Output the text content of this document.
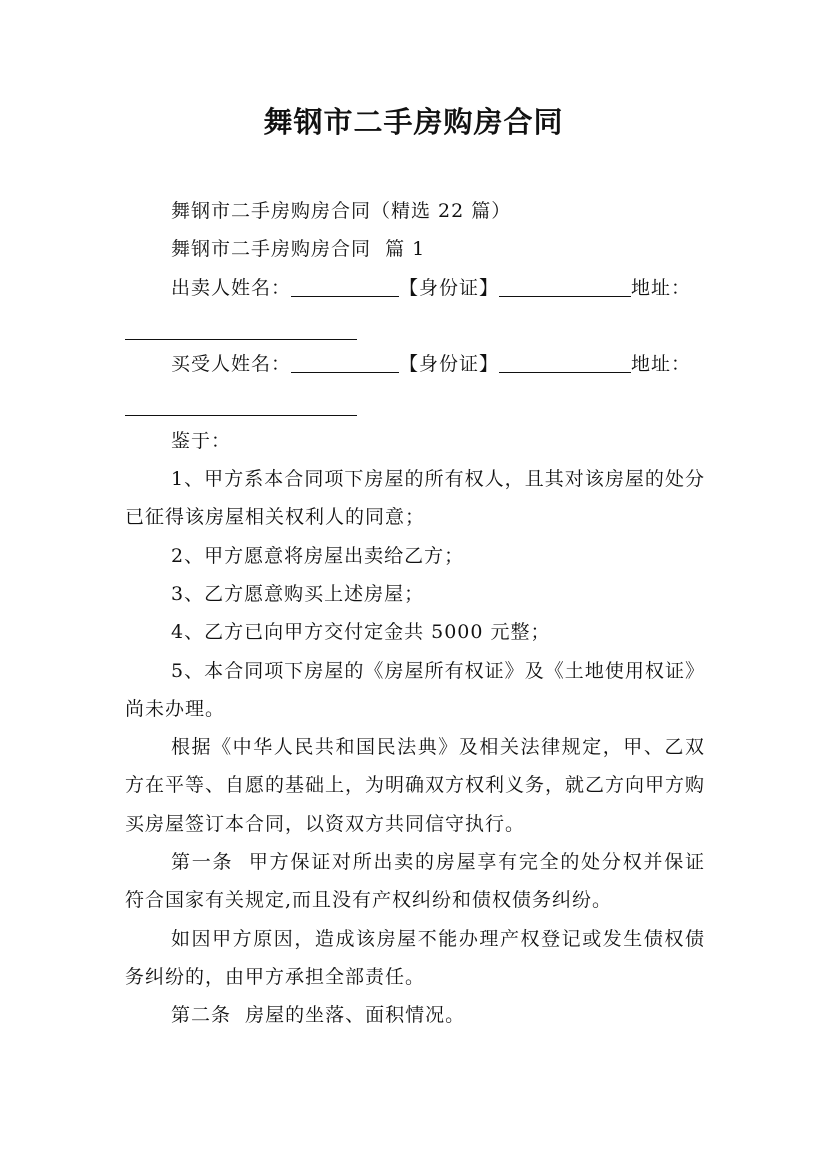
舞钢市二手房购房合同

舞钢市二手房购房合同（精选 22 篇）

舞钢市二手房购房合同  篇 1

出卖人姓名：	【身份证】	地址：

买受人姓名：	【身份证】	地址：

鉴于：

1、甲方系本合同项下房屋的所有权人，且其对该房屋的处分已征得该房屋相关权利人的同意；

2、甲方愿意将房屋出卖给乙方；

3、乙方愿意购买上述房屋；

4、乙方已向甲方交付定金共 5000 元整；

5、本合同项下房屋的《房屋所有权证》及《土地使用权证》尚未办理。

根据《中华人民共和国民法典》及相关法律规定，甲、乙双方在平等、自愿的基础上，为明确双方权利义务，就乙方向甲方购买房屋签订本合同，以资双方共同信守执行。

第一条  甲方保证对所出卖的房屋享有完全的处分权并保证符合国家有关规定,而且没有产权纠纷和债权债务纠纷。

如因甲方原因，造成该房屋不能办理产权登记或发生债权债务纠纷的，由甲方承担全部责任。

第二条  房屋的坐落、面积情况。
